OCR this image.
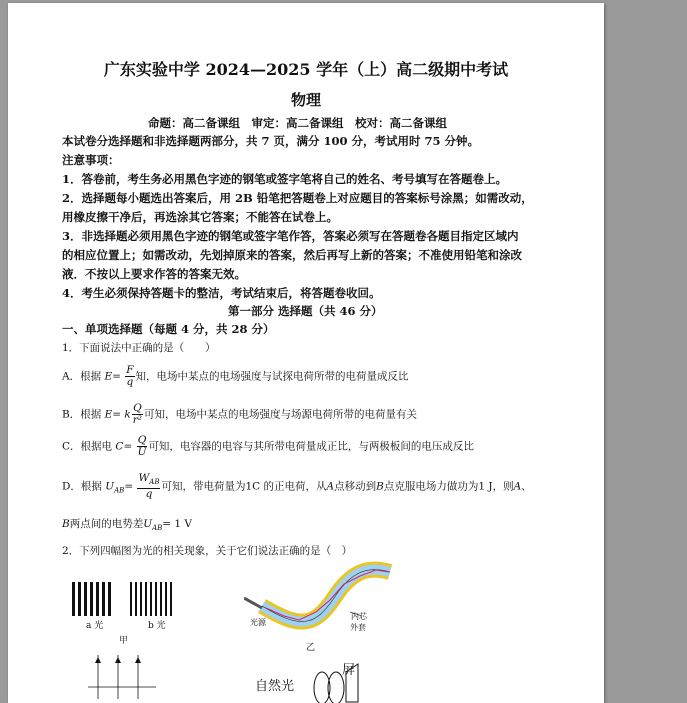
广东实验中学 2024—2025 学年（上）高二级期中考试
物理
命题：高二备课组　审定：高二备课组　校对：高二备课组
本试卷分选择题和非选择题两部分，共 7 页，满分 100 分，考试用时 75 分钟。
注意事项：
1．答卷前，考生务必用黑色字迹的钢笔或签字笔将自己的姓名、考号填写在答题卷上。
2．选择题每小题选出答案后，用 2B 铅笔把答题卷上对应题目的答案标号涂黑；如需改动，
用橡皮擦干净后，再选涂其它答案；不能答在试卷上。
3．非选择题必须用黑色字迹的钢笔或签字笔作答，答案必须写在答题卷各题目指定区域内
的相应位置上；如需改动，先划掉原来的答案，然后再写上新的答案；不准使用铅笔和涂改
液．不按以上要求作答的答案无效。
4．考生必须保持答题卡的整洁，考试结束后，将答题卷收回。
第一部分 选择题（共 46 分）
一、单项选择题（每题 4 分，共 28 分）
1．下面说法中正确的是（　　）
A．根据 $E= \frac{F}{q}$ 知，电场中某点的电场强度与试探电荷所带的电荷量成反比
B．根据 E= k $\frac{Q}{\text{r²}}$ 可知，电场中某点的电场强度与场源电荷所带的电荷量有关
C．根据电 $C= \frac{Q}{U}$ 可知，电容器的电容与其所带电荷量成正比，与两极板间的电压成反比
D．根据 $U_{AB}= \frac{W_{AB}}{q}$ 可知，带电荷量为1C 的正电荷，从A点移动到B点克服电场力做功为1 J，则A、
B两点间的电势差$U_{AB}= 1$ V
2．下列四幅图为光的相关现象，关于它们说法正确的是（　）
a 光	b 光
甲
光源
内芯
外套
乙
自然光
屏
